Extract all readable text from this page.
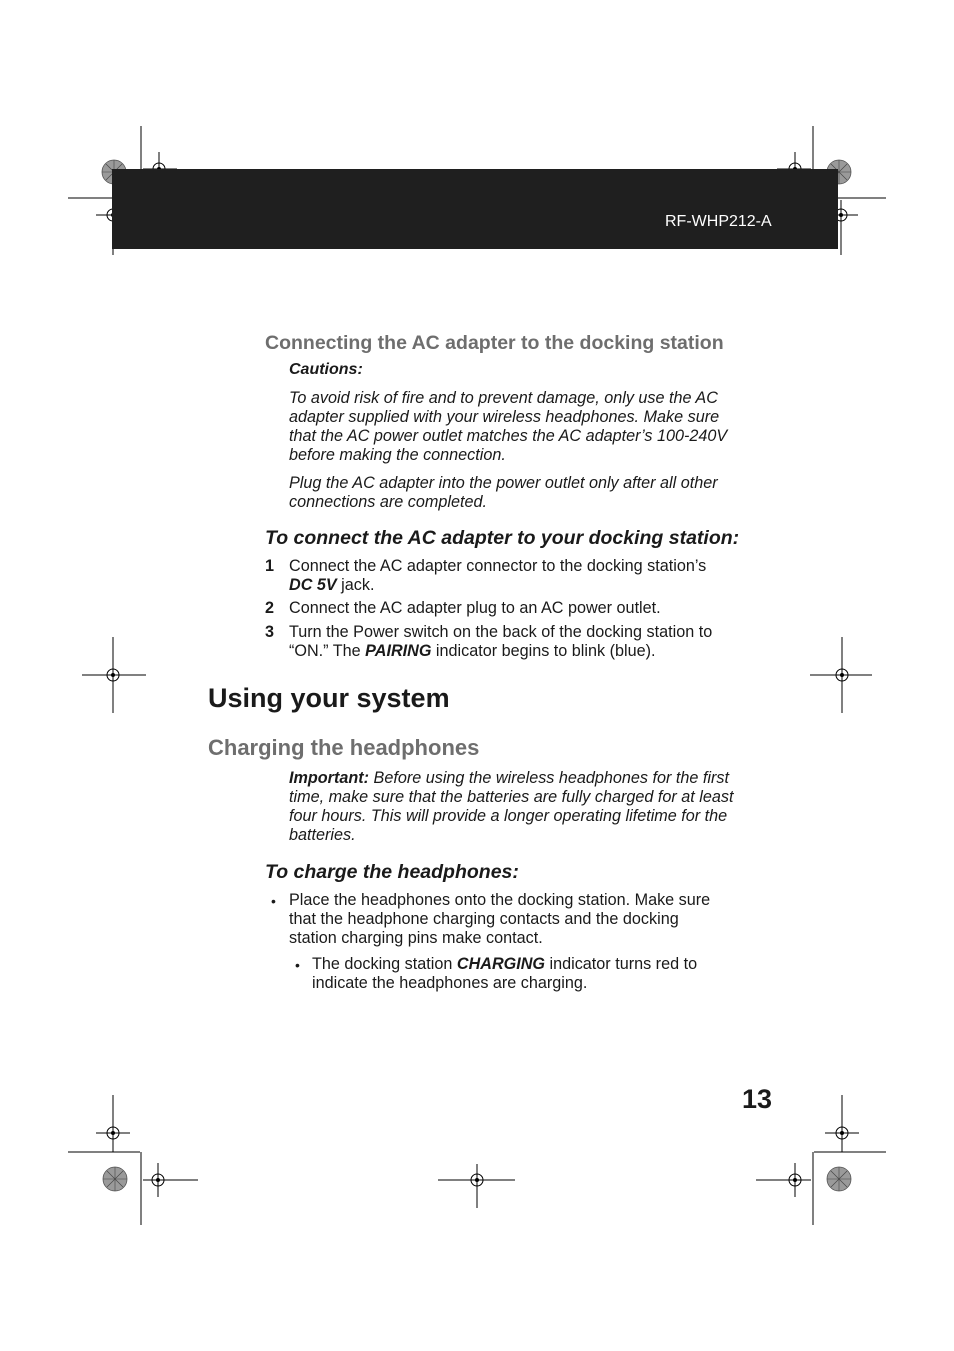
RF-WHP212-A
Connecting the AC adapter to the docking station
Cautions:
To avoid risk of fire and to prevent damage, only use the AC
adapter supplied with your wireless headphones. Make sure
that the AC power outlet matches the AC adapter’s 100-240V
before making the connection.
Plug the AC adapter into the power outlet only after all other
connections are completed.
To connect the AC adapter to your docking station:
1 Connect the AC adapter connector to the docking station’s
DC 5V jack.
2 Connect the AC adapter plug to an AC power outlet.
3 Turn the Power switch on the back of the docking station to
“ON.” The PAIRING indicator begins to blink (blue).
Using your system
Charging the headphones
Important: Before using the wireless headphones for the first
time, make sure that the batteries are fully charged for at least
four hours. This will provide a longer operating lifetime for the
batteries.
To charge the headphones:
• Place the headphones onto the docking station. Make sure
that the headphone charging contacts and the docking
station charging pins make contact.
• The docking station CHARGING indicator turns red to
indicate the headphones are charging.
13
